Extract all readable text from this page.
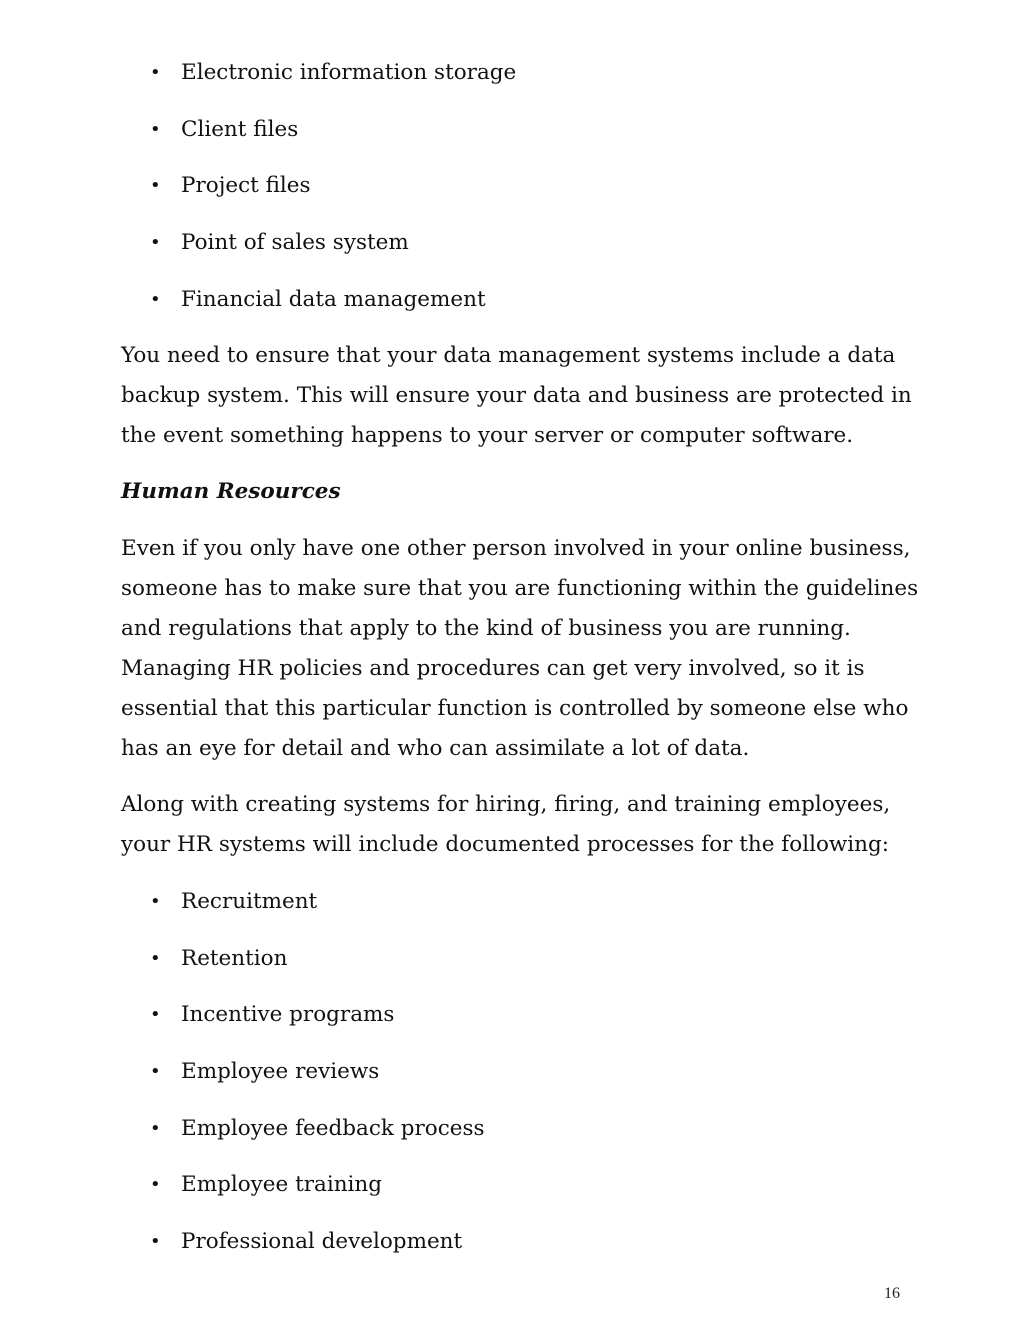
• Electronic information storage
• Client files
• Project files
• Point of sales system
• Financial data management

You need to ensure that your data management systems include a data
backup system. This will ensure your data and business are protected in
the event something happens to your server or computer software.

Human Resources

Even if you only have one other person involved in your online business,
someone has to make sure that you are functioning within the guidelines
and regulations that apply to the kind of business you are running.
Managing HR policies and procedures can get very involved, so it is
essential that this particular function is controlled by someone else who
has an eye for detail and who can assimilate a lot of data.

Along with creating systems for hiring, firing, and training employees,
your HR systems will include documented processes for the following:

• Recruitment
• Retention
• Incentive programs
• Employee reviews
• Employee feedback process
• Employee training
• Professional development
16
